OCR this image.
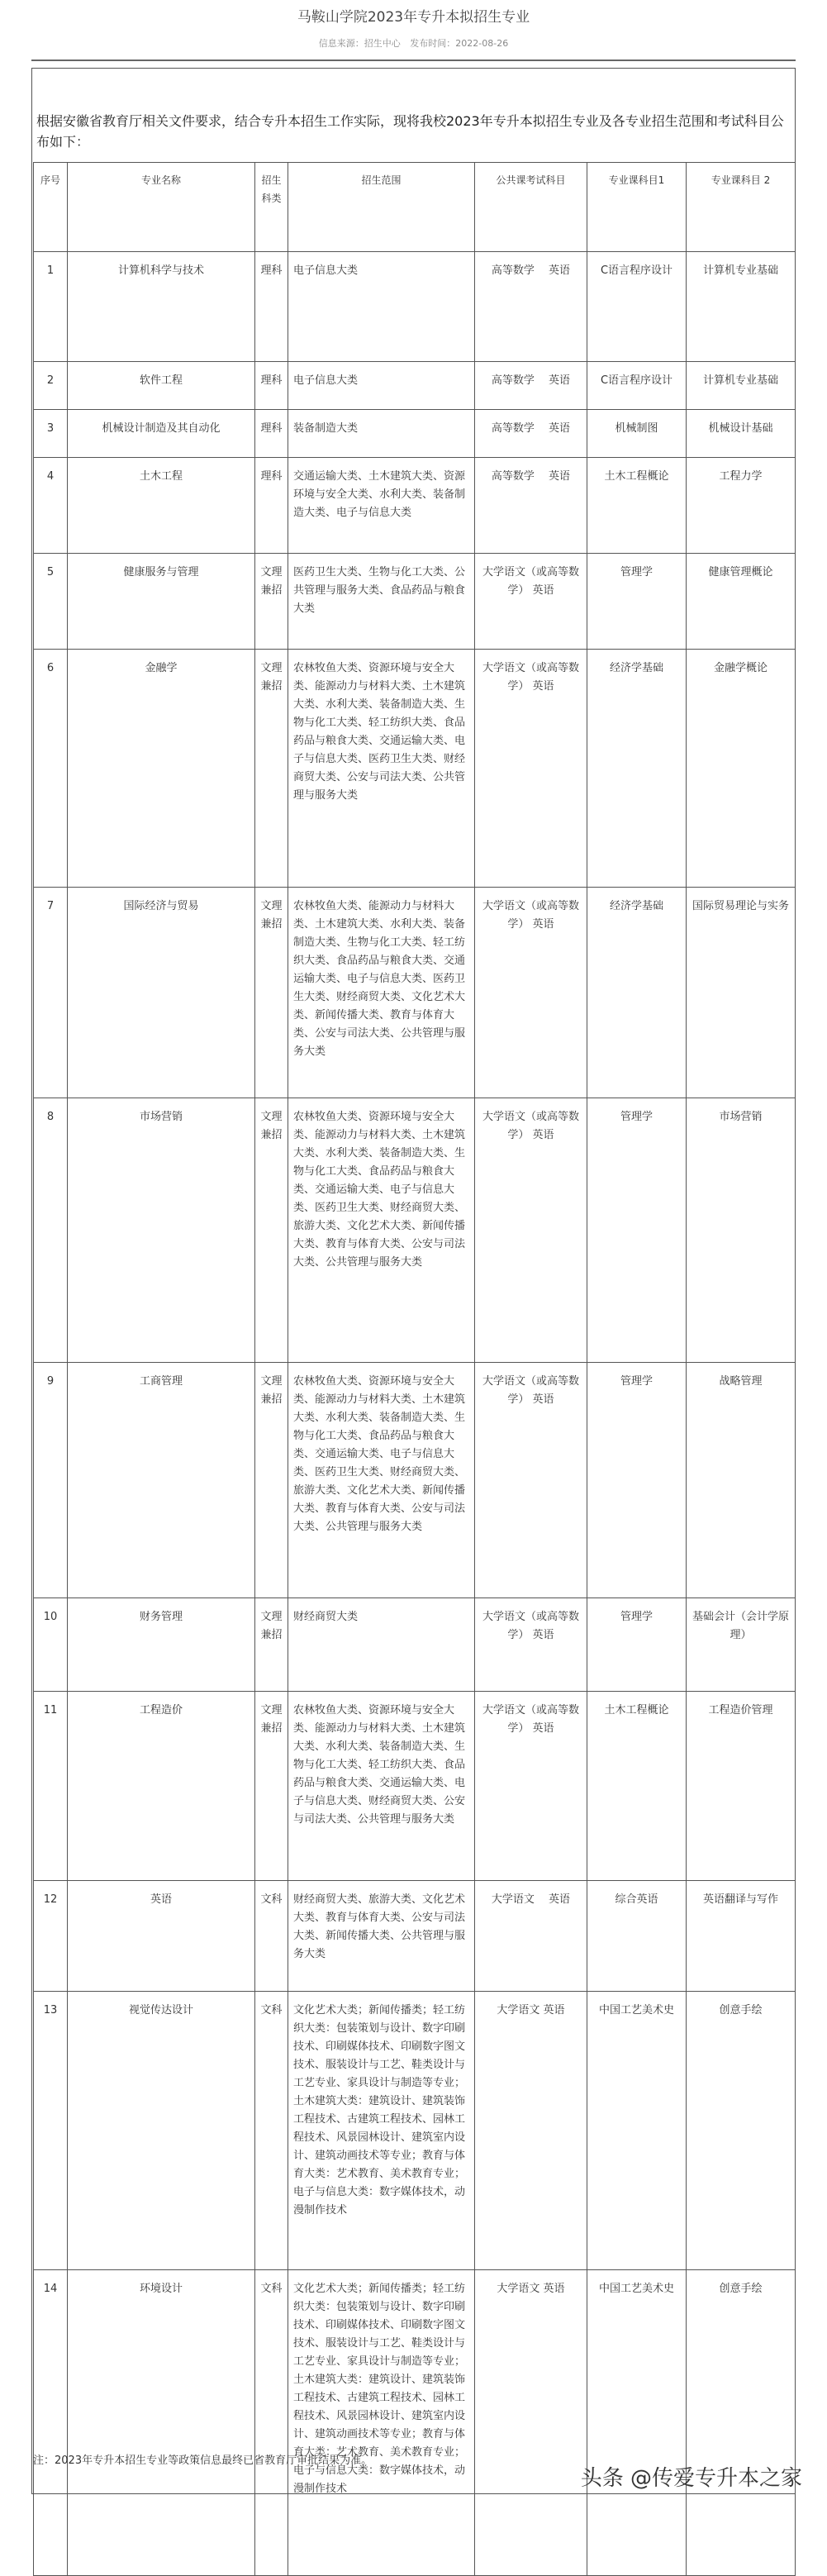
马鞍山学院2023年专升本拟招生专业
信息来源：招生中心 发布时间：2022-08-26
根据安徽省教育厅相关文件要求，结合专升本招生工作实际，现将我校2023年专升本拟招生专业及各专业招生范围和考试科目公布如下：
序号	专业名称	招生科类	招生范围	公共课考试科目	专业课科目1	专业课科目 2
1	计算机科学与技术	理科	电子信息大类	高等数学　 英语	C语言程序设计	计算机专业基础
2	软件工程	理科	电子信息大类	高等数学　 英语	C语言程序设计	计算机专业基础
3	机械设计制造及其自动化	理科	装备制造大类	高等数学　 英语	机械制图	机械设计基础
4	土木工程	理科	交通运输大类、土木建筑大类、资源环境与安全大类、水利大类、装备制造大类、电子与信息大类	高等数学　 英语	土木工程概论	工程力学
5	健康服务与管理	文理兼招	医药卫生大类、生物与化工大类、公共管理与服务大类、食品药品与粮食大类	大学语文（或高等数学） 英语	管理学	健康管理概论
6	金融学	文理兼招	农林牧鱼大类、资源环境与安全大类、能源动力与材料大类、土木建筑大类、水利大类、装备制造大类、生物与化工大类、轻工纺织大类、食品药品与粮食大类、交通运输大类、电子与信息大类、医药卫生大类、财经商贸大类、公安与司法大类、公共管理与服务大类	大学语文（或高等数学） 英语	经济学基础	金融学概论
7	国际经济与贸易	文理兼招	农林牧鱼大类、能源动力与材料大类、土木建筑大类、水利大类、装备制造大类、生物与化工大类、轻工纺织大类、食品药品与粮食大类、交通运输大类、电子与信息大类、医药卫生大类、财经商贸大类、文化艺术大类、新闻传播大类、教育与体育大类、公安与司法大类、公共管理与服务大类	大学语文（或高等数学） 英语	经济学基础	国际贸易理论与实务
8	市场营销	文理兼招	农林牧鱼大类、资源环境与安全大类、能源动力与材料大类、土木建筑大类、水利大类、装备制造大类、生物与化工大类、食品药品与粮食大类、交通运输大类、电子与信息大类、医药卫生大类、财经商贸大类、旅游大类、文化艺术大类、新闻传播大类、教育与体育大类、公安与司法大类、公共管理与服务大类	大学语文（或高等数学） 英语	管理学	市场营销
9	工商管理	文理兼招	农林牧鱼大类、资源环境与安全大类、能源动力与材料大类、土木建筑大类、水利大类、装备制造大类、生物与化工大类、食品药品与粮食大类、交通运输大类、电子与信息大类、医药卫生大类、财经商贸大类、旅游大类、文化艺术大类、新闻传播大类、教育与体育大类、公安与司法大类、公共管理与服务大类	大学语文（或高等数学） 英语	管理学	战略管理
10	财务管理	文理兼招	财经商贸大类	大学语文（或高等数学） 英语	管理学	基础会计（会计学原理）
11	工程造价	文理兼招	农林牧鱼大类、资源环境与安全大类、能源动力与材料大类、土木建筑大类、水利大类、装备制造大类、生物与化工大类、轻工纺织大类、食品药品与粮食大类、交通运输大类、电子与信息大类、财经商贸大类、公安与司法大类、公共管理与服务大类	大学语文（或高等数学） 英语	土木工程概论	工程造价管理
12	英语	文科	财经商贸大类、旅游大类、文化艺术大类、教育与体育大类、公安与司法大类、新闻传播大类、公共管理与服务大类	大学语文　 英语	综合英语	英语翻译与写作
13	视觉传达设计	文科	文化艺术大类；新闻传播类；轻工纺织大类：包装策划与设计、数字印刷技术、印刷媒体技术、印刷数字图文技术、服装设计与工艺、鞋类设计与工艺专业、家具设计与制造等专业；土木建筑大类：建筑设计、建筑装饰工程技术、古建筑工程技术、园林工程技术、风景园林设计、建筑室内设计、建筑动画技术等专业；教育与体育大类：艺术教育、美术教育专业；电子与信息大类：数字媒体技术，动漫制作技术	大学语文 英语	中国工艺美术史	创意手绘
14	环境设计	文科	文化艺术大类；新闻传播类；轻工纺织大类：包装策划与设计、数字印刷技术、印刷媒体技术、印刷数字图文技术、服装设计与工艺、鞋类设计与工艺专业、家具设计与制造等专业；土木建筑大类：建筑设计、建筑装饰工程技术、古建筑工程技术、园林工程技术、风景园林设计、建筑室内设计、建筑动画技术等专业；教育与体育大类：艺术教育、美术教育专业；电子与信息大类：数字媒体技术，动漫制作技术	大学语文 英语	中国工艺美术史	创意手绘
注：2023年专升本招生专业等政策信息最终已省教育厅审批结果为准。
头条 @传爱专升本之家
